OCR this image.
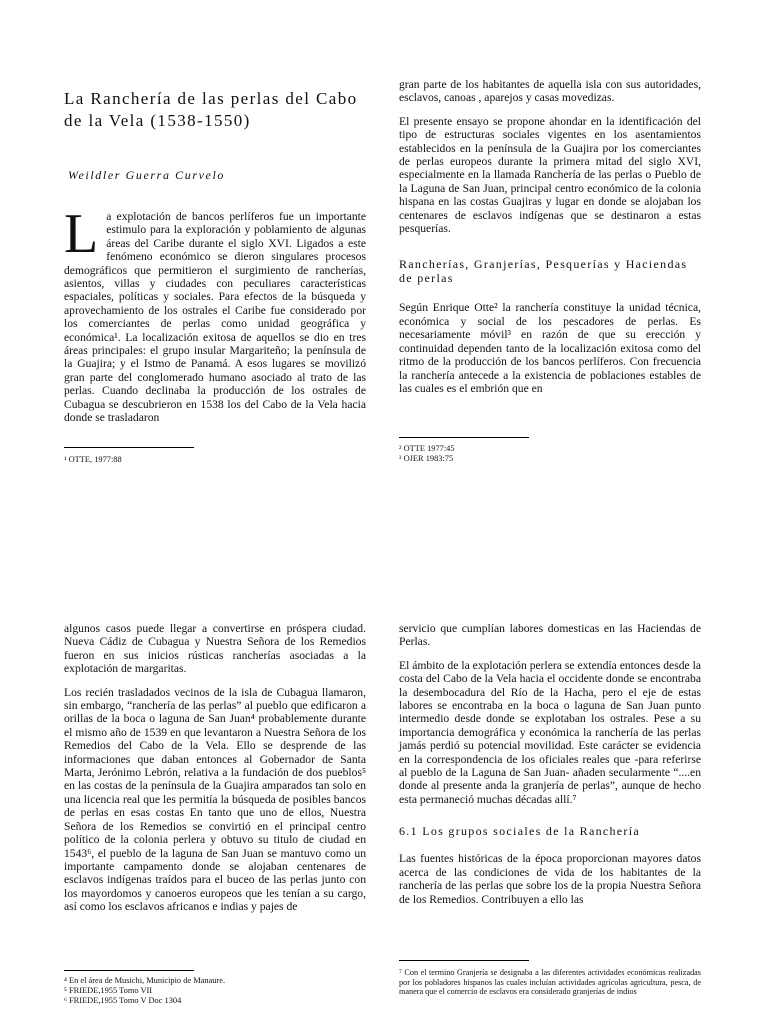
La Ranchería de las perlas del Cabo de la Vela (1538-1550)
Weildler Guerra Curvelo

La explotación de bancos perlíferos fue un importante estimulo para la exploración y poblamiento de algunas áreas del Caribe durante el siglo XVI. Ligados a este fenómeno económico se dieron singulares procesos demográficos que permitieron el surgimiento de rancherías, asientos, villas y ciudades con peculiares características espaciales, políticas y sociales. Para efectos de la búsqueda y aprovechamiento de los ostrales el Caribe fue considerado por los comerciantes de perlas como unidad geográfica y económica¹. La localización exitosa de aquellos se dio en tres áreas principales: el grupo insular Margariteño; la península de la Guajira; y el Istmo de Panamá. A esos lugares se movilizó gran parte del conglomerado humano asociado al trato de las perlas. Cuando declinaba la producción de los ostrales de Cubagua se descubrieron en 1538 los del Cabo de la Vela hacia donde se trasladaron

¹ OTTE, 1977:88

gran parte de los habitantes de aquella isla con sus autoridades, esclavos, canoas , aparejos y casas movedizas.

El presente ensayo se propone ahondar en la identificación del tipo de estructuras sociales vigentes en los asentamientos establecidos en la península de la Guajira por los comerciantes de perlas europeos durante la primera mitad del siglo XVI, especialmente en la llamada Ranchería de las perlas o Pueblo de la Laguna de San Juan, principal centro económico de la colonia hispana en las costas Guajiras y lugar en donde se alojaban los centenares de esclavos indígenas que se destinaron a estas pesquerías.

Rancherías, Granjerías, Pesquerías y Haciendas de perlas

Según Enrique Otte² la ranchería constituye la unidad técnica, económica y social de los pescadores de perlas. Es necesariamente móvil³ en razón de que su erección y continuidad dependen tanto de la localización exitosa como del ritmo de la producción de los bancos perlíferos. Con frecuencia la ranchería antecede a la existencia de poblaciones estables de las cuales es el embrión que en

² OTTE 1977:45
³ OJER 1983:75

algunos casos puede llegar a convertirse en próspera ciudad. Nueva Cádiz de Cubagua y Nuestra Señora de los Remedios fueron en sus inicios rústicas rancherías asociadas a la explotación de margaritas.

Los recién trasladados vecinos de la isla de Cubagua llamaron, sin embargo, “ranchería de las perlas” al pueblo que edificaron a orillas de la boca o laguna de San Juan⁴ probablemente durante el mismo año de 1539 en que levantaron a Nuestra Señora de los Remedios del Cabo de la Vela. Ello se desprende de las informaciones que daban entonces al Gobernador de Santa Marta, Jerónimo Lebrón, relativa a la fundación de dos pueblos⁵ en las costas de la península de la Guajira amparados tan solo en una licencia real que les permitía la búsqueda de posibles bancos de perlas en esas costas En tanto que uno de ellos, Nuestra Señora de los Remedios se convirtió en el principal centro político de la colonia perlera y obtuvo su titulo de ciudad en 1543⁶, el pueblo de la laguna de San Juan se mantuvo como un importante campamento donde se alojaban centenares de esclavos indígenas traídos para el buceo de las perlas junto con los mayordomos y canoeros europeos que les tenían a su cargo, así como los esclavos africanos e indias y pajes de

⁴ En el área de Musichi, Municipio de Manaure.
⁵ FRIEDE,1955 Tomo VII
⁶ FRIEDE,1955 Tomo V Doc 1304

servicio que cumplían labores domesticas en las Haciendas de Perlas.

El ámbito de la explotación perlera se extendía entonces desde la costa del Cabo de la Vela hacia el occidente donde se encontraba la desembocadura del Río de la Hacha, pero el eje de estas labores se encontraba en la boca o laguna de San Juan punto intermedio desde donde se explotaban los ostrales. Pese a su importancia demográfica y económica la ranchería de las perlas jamás perdió su potencial movilidad. Este carácter se evidencia en la correspondencia de los oficiales reales que -para referirse al pueblo de la Laguna de San Juan- añaden secularmente “....en donde al presente anda la granjería de perlas”, aunque de hecho esta permaneció muchas décadas allí.⁷

6.1 Los grupos sociales de la Ranchería

Las fuentes históricas de la época proporcionan mayores datos acerca de las condiciones de vida de los habitantes de la ranchería de las perlas que sobre los de la propia Nuestra Señora de los Remedios. Contribuyen a ello las

⁷ Con el termino Granjería se designaba a las diferentes actividades económicas realizadas por los pobladores hispanos las cuales incluían actividades agrícolas agricultura, pesca, de manera que el comercio de esclavos era considerado granjerías de indios
